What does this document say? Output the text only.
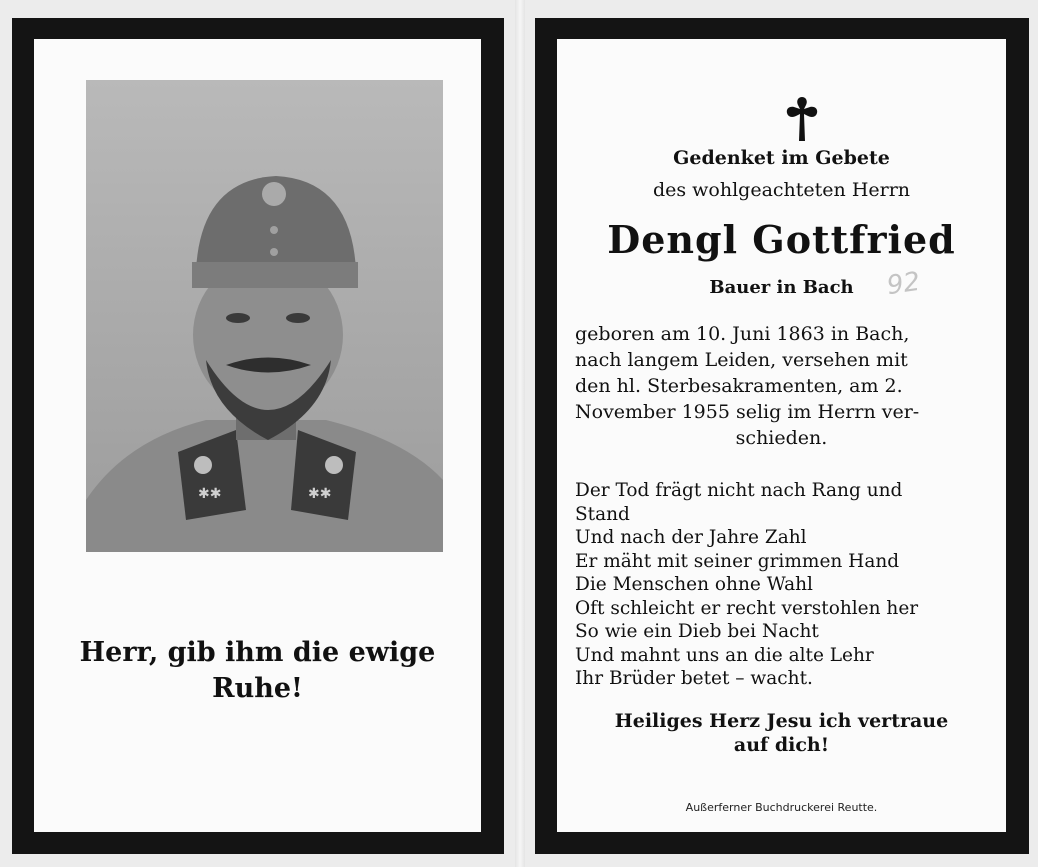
✱✱	✱✱
Herr, gib ihm die ewige
Ruhe!
Gedenket im Gebete
des wohlgeachteten Herrn
Dengl Gottfried
Bauer in Bach	92
geboren am 10. Juni 1863 in Bach,
nach langem Leiden, versehen mit
den hl. Sterbesakramenten, am 2.
November 1955 selig im Herrn ver-
schieden.
Der Tod frägt nicht nach Rang und
Stand
Und nach der Jahre Zahl
Er mäht mit seiner grimmen Hand
Die Menschen ohne Wahl
Oft schleicht er recht verstohlen her
So wie ein Dieb bei Nacht
Und mahnt uns an die alte Lehr
Ihr Brüder betet – wacht.
Heiliges Herz Jesu ich vertraue
auf dich!
Außerferner Buchdruckerei Reutte.
